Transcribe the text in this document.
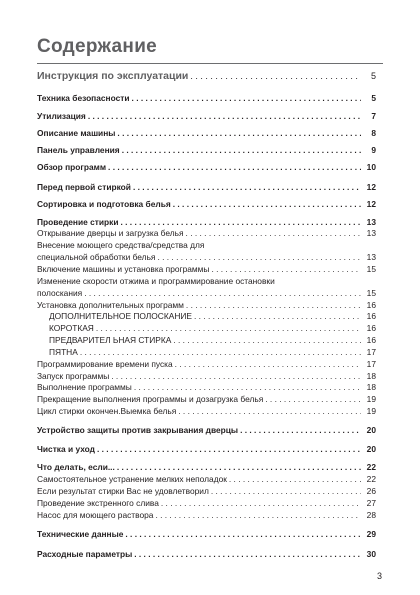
Содержание
Инструкция по эксплуатации . . .	5
Техника безопасности . . .	5
Утилизация . . .	7
Описание машины . . .	8
Панель управления . . .	9
Обзор программ . . .	10
Перед первой стиркой . . .	12
Сортировка и подготовка белья . . .	12
Проведение стирки . . .	13
Открывание дверцы и загрузка белья . . .	13
Внесение моющего средства/средства для
специальной обработки белья . . .	13
Включение машины и установка программы . . .	15
Изменение скорости отжима и программирование остановки
полоскания . . .	15
Установка дополнительных программ . . .	16
ДОПОЛНИТЕЛЬНОЕ ПОЛОСКАНИЕ . . .	16
КОРОТКАЯ . . .	16
ПРЕДВАРИТЕЛ ЬНАЯ СТИРКА . . .	16
ПЯТНА . . .	17
Программирование времени пуска . . .	17
Запуск программы . . .	18
Выполнение программы . . .	18
Прекращение выполнения программы и дозагрузка белья . . .	19
Цикл стирки окончен.Выемка белья . . .	19
Устройство защиты против закрывания дверцы . . .	20
Чистка и уход . . .	20
Что делать, если... . . .	22
Самостоятельное устранение мелких неполадок . . .	22
Если результат стирки Вас не удовлетворил . . .	26
Проведение экстренного слива . . .	27
Насос для моющего раствора . . .	28
Технические данные . . .	29
Расходные параметры . . .	30
3
